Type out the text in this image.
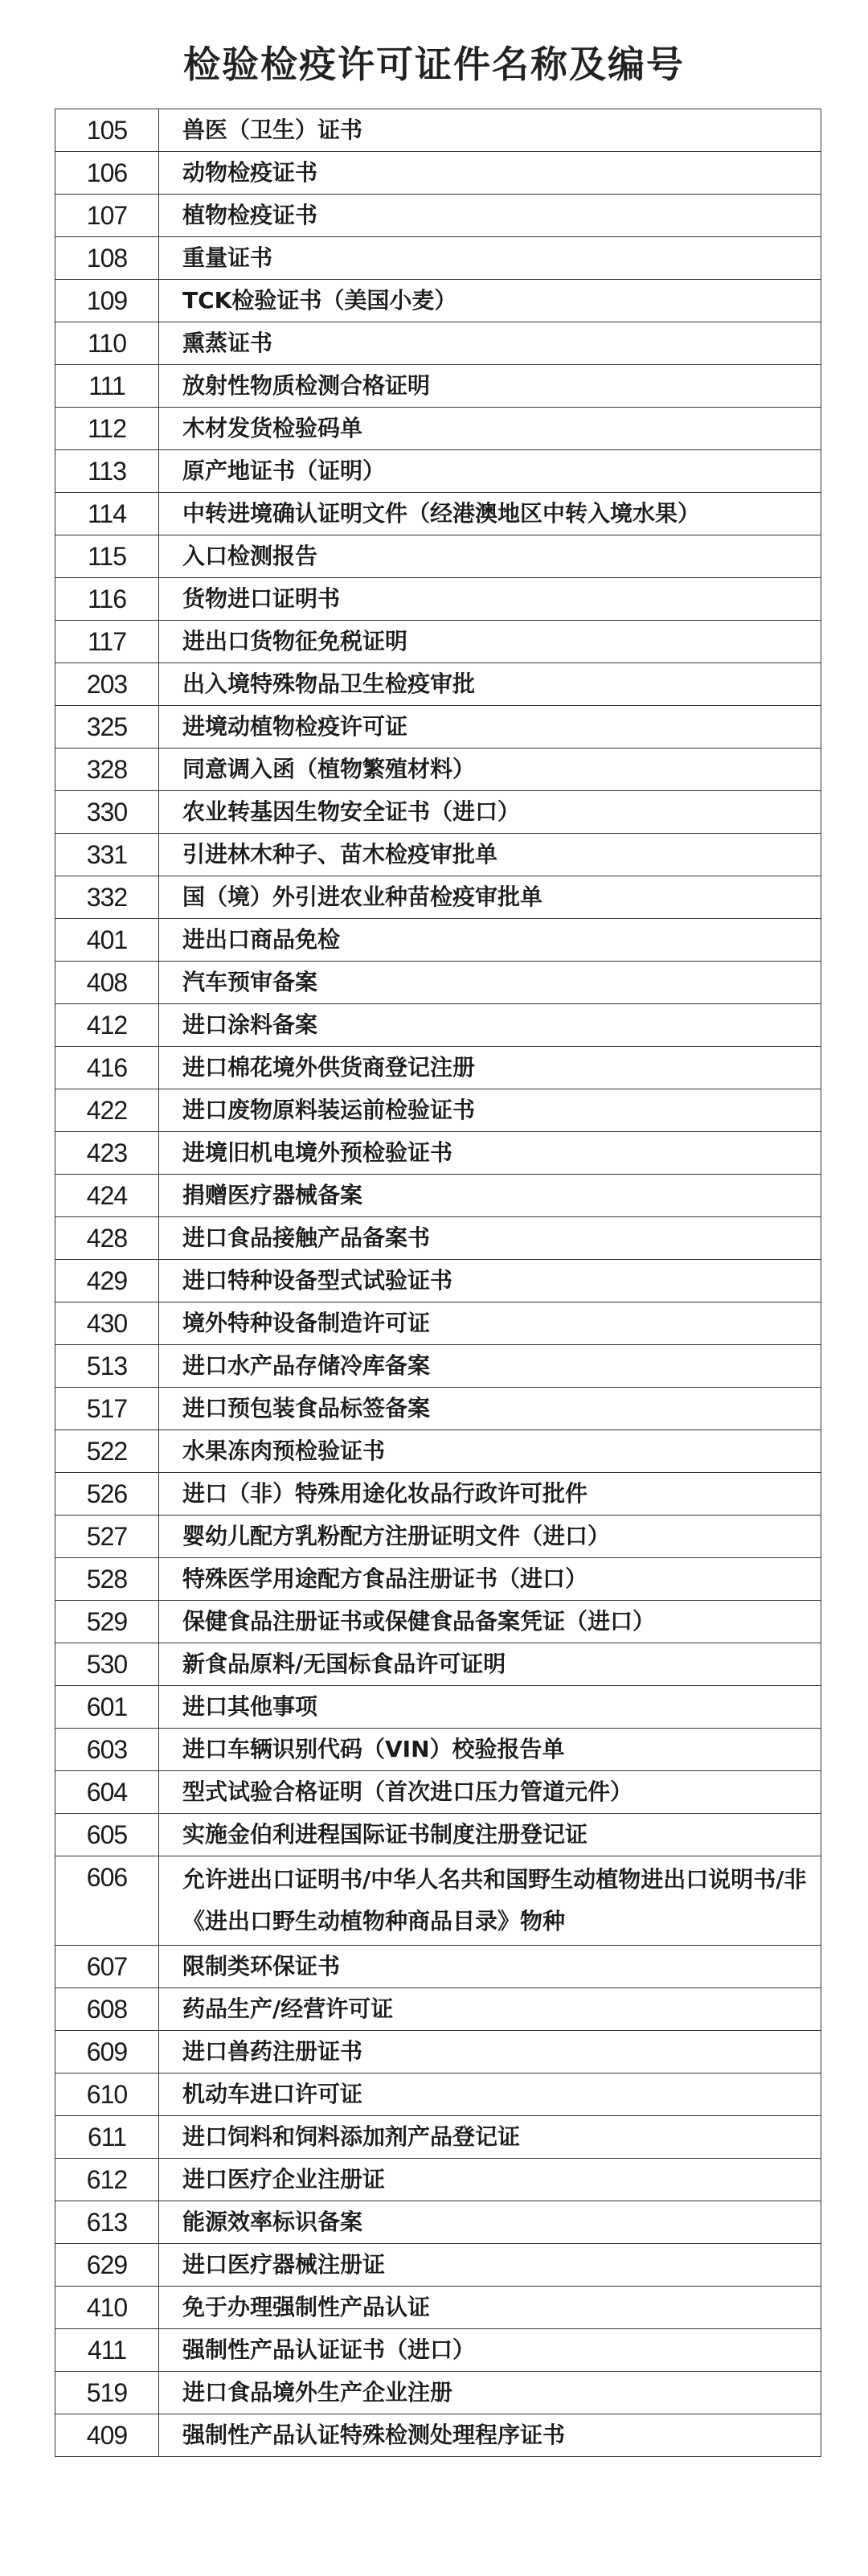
检验检疫许可证件名称及编号
105	兽医（卫生）证书
106	动物检疫证书
107	植物检疫证书
108	重量证书
109	TCK检验证书（美国小麦）
110	熏蒸证书
111	放射性物质检测合格证明
112	木材发货检验码单
113	原产地证书（证明）
114	中转进境确认证明文件（经港澳地区中转入境水果）
115	入口检测报告
116	货物进口证明书
117	进出口货物征免税证明
203	出入境特殊物品卫生检疫审批
325	进境动植物检疫许可证
328	同意调入函（植物繁殖材料）
330	农业转基因生物安全证书（进口）
331	引进林木种子、苗木检疫审批单
332	国（境）外引进农业种苗检疫审批单
401	进出口商品免检
408	汽车预审备案
412	进口涂料备案
416	进口棉花境外供货商登记注册
422	进口废物原料装运前检验证书
423	进境旧机电境外预检验证书
424	捐赠医疗器械备案
428	进口食品接触产品备案书
429	进口特种设备型式试验证书
430	境外特种设备制造许可证
513	进口水产品存储冷库备案
517	进口预包装食品标签备案
522	水果冻肉预检验证书
526	进口（非）特殊用途化妆品行政许可批件
527	婴幼儿配方乳粉配方注册证明文件（进口）
528	特殊医学用途配方食品注册证书（进口）
529	保健食品注册证书或保健食品备案凭证（进口）
530	新食品原料/无国标食品许可证明
601	进口其他事项
603	进口车辆识别代码（VIN）校验报告单
604	型式试验合格证明（首次进口压力管道元件）
605	实施金伯利进程国际证书制度注册登记证
606	允许进出口证明书/中华人名共和国野生动植物进出口说明书/非《进出口野生动植物种商品目录》物种
607	限制类环保证书
608	药品生产/经营许可证
609	进口兽药注册证书
610	机动车进口许可证
611	进口饲料和饲料添加剂产品登记证
612	进口医疗企业注册证
613	能源效率标识备案
629	进口医疗器械注册证
410	免于办理强制性产品认证
411	强制性产品认证证书（进口）
519	进口食品境外生产企业注册
409	强制性产品认证特殊检测处理程序证书
